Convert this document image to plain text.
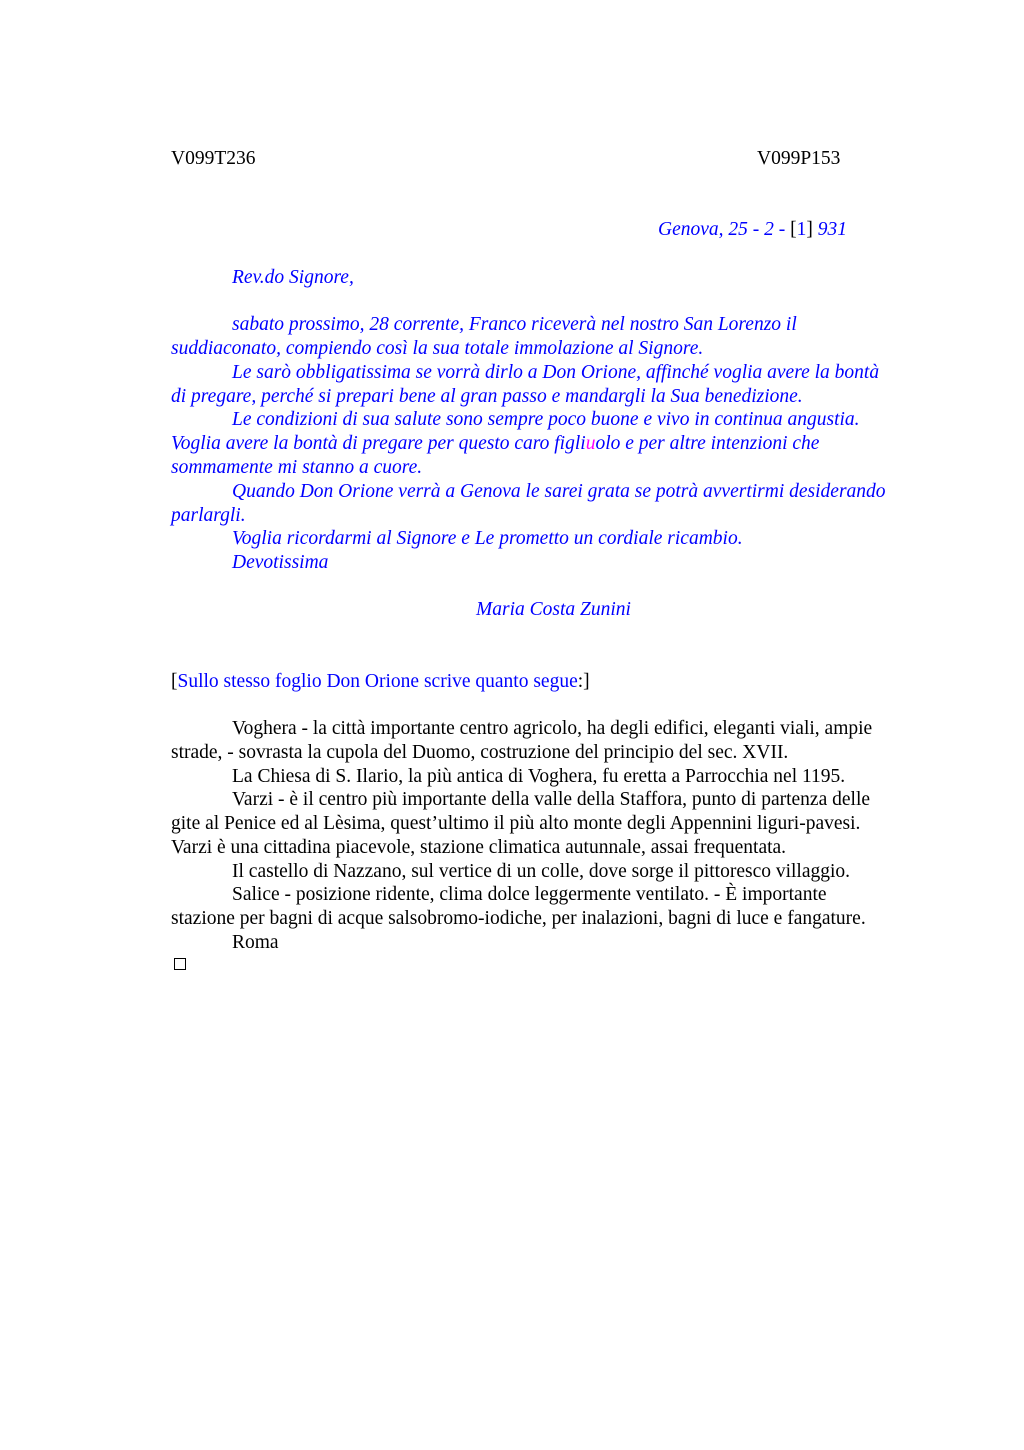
V099T236	V099P153
Genova, 25 - 2 - [1] 931
Rev.do Signore,
sabato prossimo, 28 corrente, Franco riceverà nel nostro San Lorenzo il
suddiaconato, compiendo così la sua totale immolazione al Signore.
Le sarò obbligatissima se vorrà dirlo a Don Orione, affinché voglia avere la bontà
di pregare, perché si prepari bene al gran passo e mandargli la Sua benedizione.
Le condizioni di sua salute sono sempre poco buone e vivo in continua angustia.
Voglia avere la bontà di pregare per questo caro figliuolo e per altre intenzioni che
sommamente mi stanno a cuore.
Quando Don Orione verrà a Genova le sarei grata se potrà avvertirmi desiderando
parlargli.
Voglia ricordarmi al Signore e Le prometto un cordiale ricambio.
Devotissima
Maria Costa Zunini
[Sullo stesso foglio Don Orione scrive quanto segue:]
Voghera - la città importante centro agricolo, ha degli edifici, eleganti viali, ampie
strade, - sovrasta la cupola del Duomo, costruzione del principio del sec. XVII.
La Chiesa di S. Ilario, la più antica di Voghera, fu eretta a Parrocchia nel 1195.
Varzi - è il centro più importante della valle della Staffora, punto di partenza delle
gite al Penice ed al Lèsima, quest’ultimo il più alto monte degli Appennini liguri-pavesi.
Varzi è una cittadina piacevole, stazione climatica autunnale, assai frequentata.
Il castello di Nazzano, sul vertice di un colle, dove sorge il pittoresco villaggio.
Salice - posizione ridente, clima dolce leggermente ventilato. - È importante
stazione per bagni di acque salsobromo-iodiche, per inalazioni, bagni di luce e fangature.
Roma
